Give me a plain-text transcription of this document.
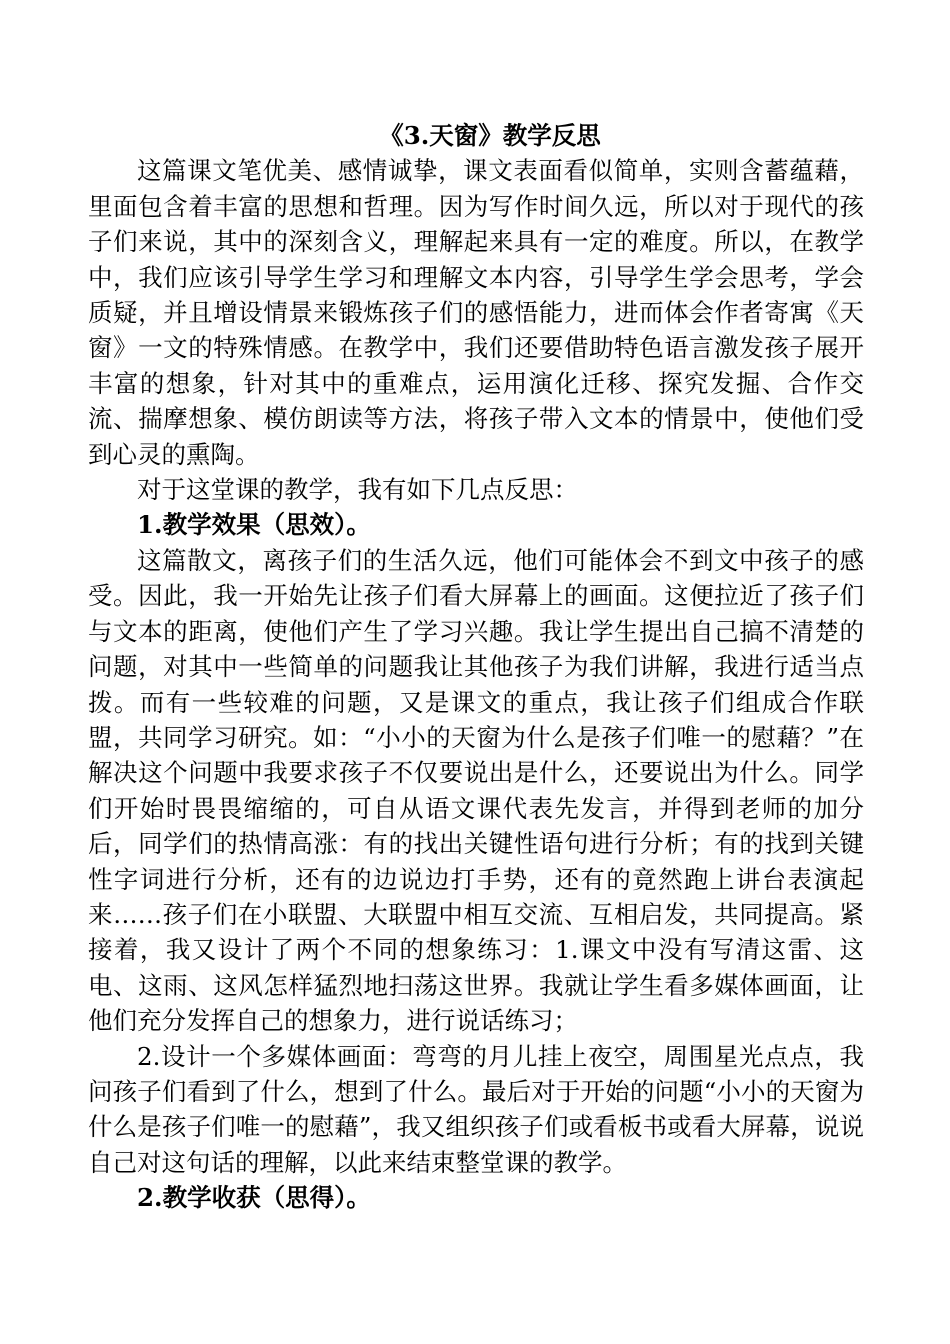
《3.天窗》教学反思

这篇课文笔优美、感情诚挚，课文表面看似简单，实则含蓄蕴藉，里面包含着丰富的思想和哲理。因为写作时间久远，所以对于现代的孩子们来说，其中的深刻含义，理解起来具有一定的难度。所以，在教学中，我们应该引导学生学习和理解文本内容，引导学生学会思考，学会质疑，并且增设情景来锻炼孩子们的感悟能力，进而体会作者寄寓《天窗》一文的特殊情感。在教学中，我们还要借助特色语言激发孩子展开丰富的想象，针对其中的重难点，运用演化迁移、探究发掘、合作交流、揣摩想象、模仿朗读等方法，将孩子带入文本的情景中，使他们受到心灵的熏陶。

对于这堂课的教学，我有如下几点反思：

1.教学效果（思效）。

这篇散文，离孩子们的生活久远，他们可能体会不到文中孩子的感受。因此，我一开始先让孩子们看大屏幕上的画面。这便拉近了孩子们与文本的距离，使他们产生了学习兴趣。我让学生提出自己搞不清楚的问题，对其中一些简单的问题我让其他孩子为我们讲解，我进行适当点拨。而有一些较难的问题，又是课文的重点，我让孩子们组成合作联盟，共同学习研究。如：“小小的天窗为什么是孩子们唯一的慰藉？”在解决这个问题中我要求孩子不仅要说出是什么，还要说出为什么。同学们开始时畏畏缩缩的，可自从语文课代表先发言，并得到老师的加分后，同学们的热情高涨：有的找出关键性语句进行分析；有的找到关键性字词进行分析，还有的边说边打手势，还有的竟然跑上讲台表演起来……孩子们在小联盟、大联盟中相互交流、互相启发，共同提高。紧接着，我又设计了两个不同的想象练习：1.课文中没有写清这雷、这电、这雨、这风怎样猛烈地扫荡这世界。我就让学生看多媒体画面，让他们充分发挥自己的想象力，进行说话练习；

2.设计一个多媒体画面：弯弯的月儿挂上夜空，周围星光点点，我问孩子们看到了什么，想到了什么。最后对于开始的问题“小小的天窗为什么是孩子们唯一的慰藉”，我又组织孩子们或看板书或看大屏幕，说说自己对这句话的理解，以此来结束整堂课的教学。

2.教学收获（思得）。
